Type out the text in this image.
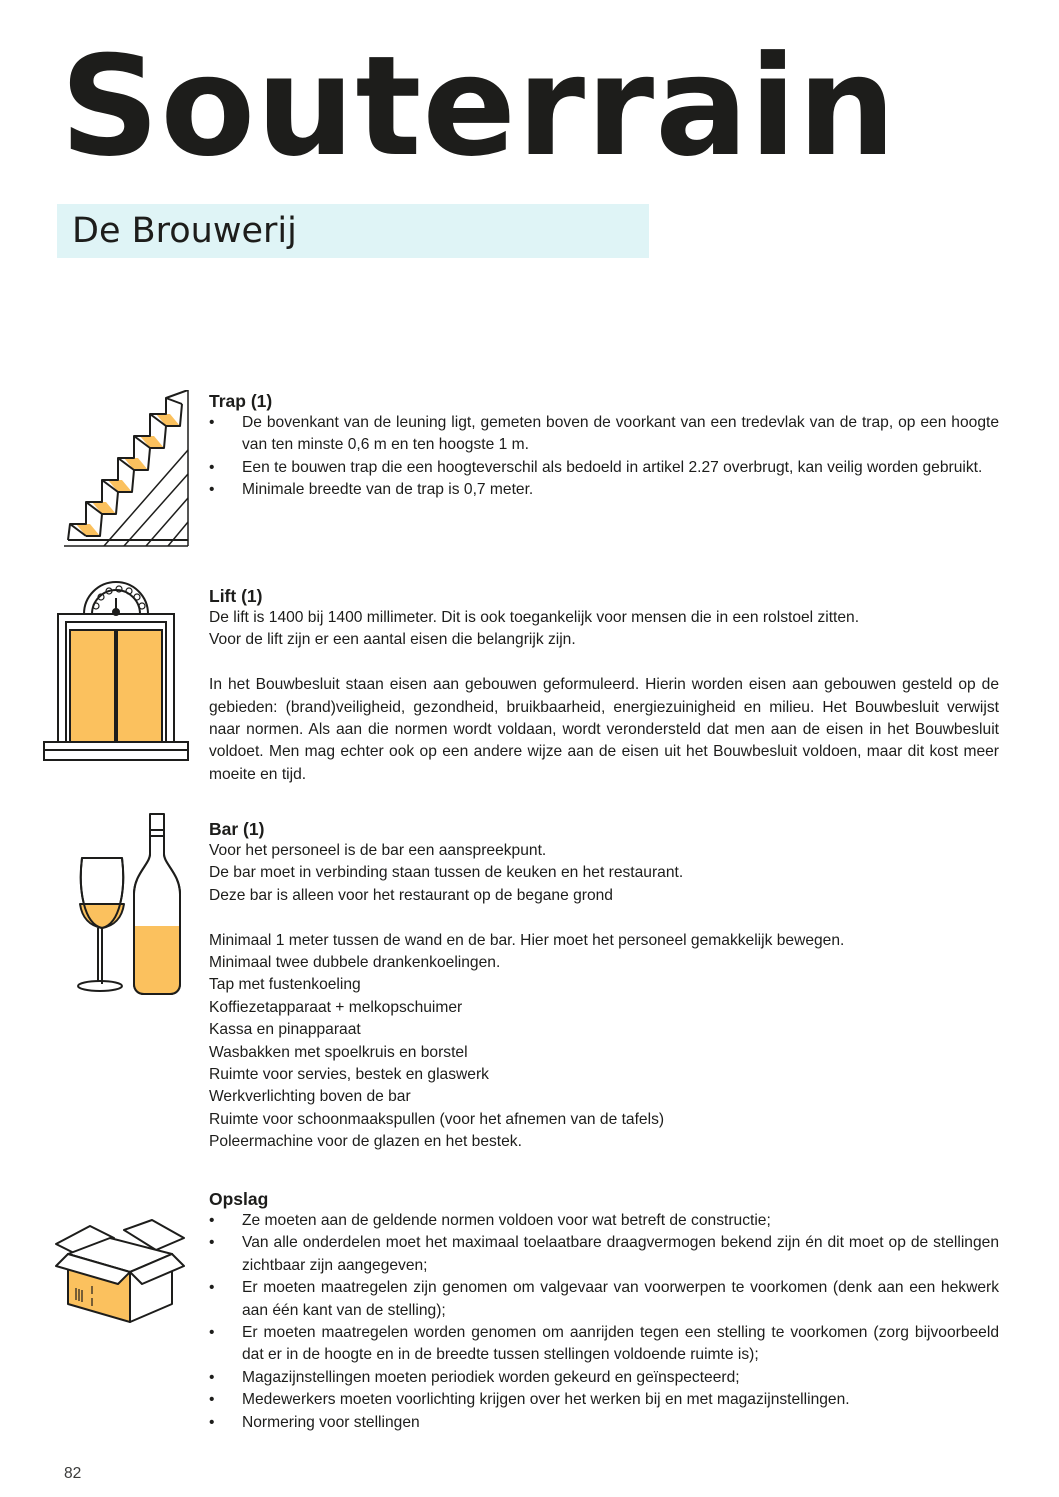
Souterrain
De Brouwerij
Trap (1)
• De bovenkant van de leuning ligt, gemeten boven de voorkant van een tredevlak van de trap, op een hoogte van ten minste 0,6 m en ten hoogste 1 m.
• Een te bouwen trap die een hoogteverschil als bedoeld in artikel 2.27 overbrugt, kan veilig worden gebruikt.
• Minimale breedte van de trap is 0,7 meter.
Lift (1)

De lift is 1400 bij 1400 millimeter. Dit is ook toegankelijk voor mensen die in een rolstoel zitten.

Voor de lift zijn er een aantal eisen die belangrijk zijn.

In het Bouwbesluit staan eisen aan gebouwen geformuleerd. Hierin worden eisen aan gebouwen gesteld op de gebieden: (brand)veiligheid, gezondheid, bruikbaarheid, energiezuinigheid en milieu. Het Bouwbesluit verwijst naar normen. Als aan die normen wordt voldaan, wordt verondersteld dat men aan de eisen in het Bouwbesluit voldoet. Men mag echter ook op een andere wijze aan de eisen uit het Bouwbesluit voldoen, maar dit kost meer moeite en tijd.

Bar (1)

Voor het personeel is de bar een aanspreekpunt.

De bar moet in verbinding staan tussen de keuken en het restaurant.

Deze bar is alleen voor het restaurant op de begane grond

Minimaal 1 meter tussen de wand en de bar. Hier moet het personeel gemakkelijk bewegen.

Minimaal twee dubbele drankenkoelingen.

Tap met fustenkoeling

Koffiezetapparaat + melkopschuimer

Kassa en pinapparaat

Wasbakken met spoelkruis en borstel

Ruimte voor servies, bestek en glaswerk

Werkverlichting boven de bar

Ruimte voor schoonmaakspullen (voor het afnemen van de tafels)

Poleermachine voor de glazen en het bestek.

Opslag
• Ze moeten aan de geldende normen voldoen voor wat betreft de constructie;
• Van alle onderdelen moet het maximaal toelaatbare draagvermogen bekend zijn én dit moet op de stellingen zichtbaar zijn aangegeven;
• Er moeten maatregelen zijn genomen om valgevaar van voorwerpen te voorkomen (denk aan een hekwerk aan één kant van de stelling);
• Er moeten maatregelen worden genomen om aanrijden tegen een stelling te voorkomen (zorg bijvoorbeeld dat er in de hoogte en in de breedte tussen stellingen voldoende ruimte is);
• Magazijnstellingen moeten periodiek worden gekeurd en geïnspecteerd;
• Medewerkers moeten voorlichting krijgen over het werken bij en met magazijnstellingen.
• Normering voor stellingen
82
